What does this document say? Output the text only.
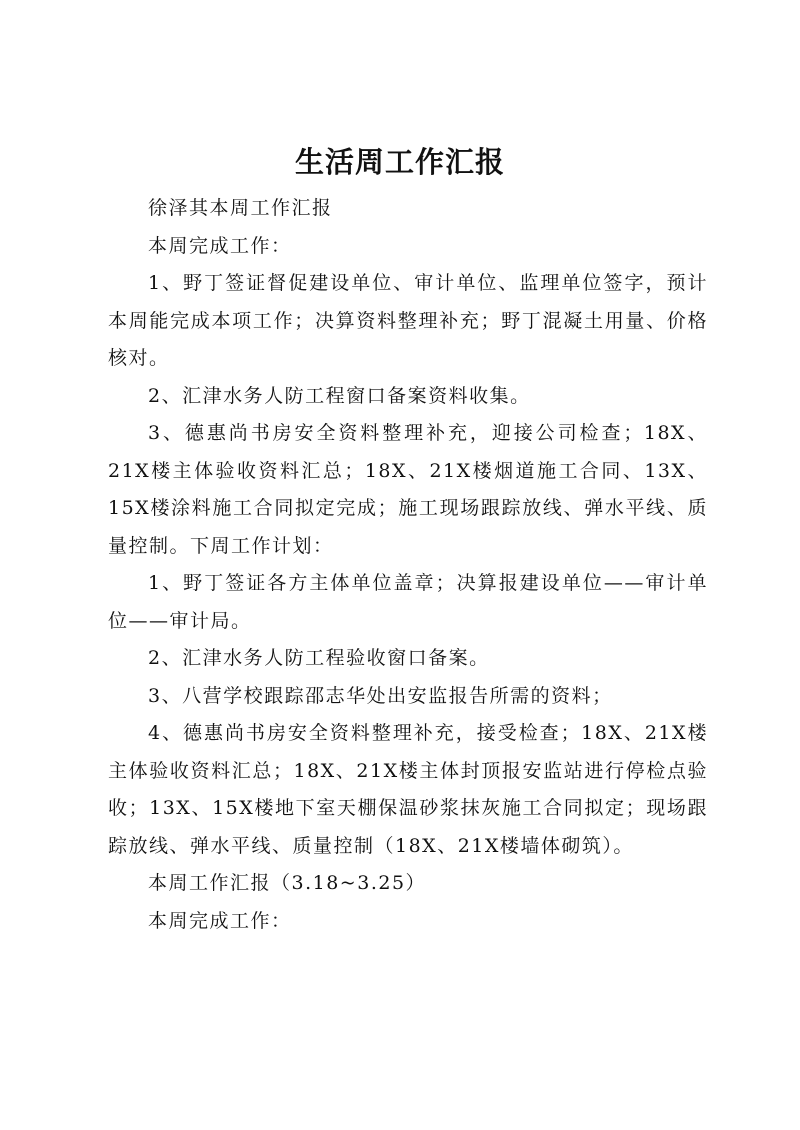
生活周工作汇报

徐泽其本周工作汇报

本周完成工作：

1、野丁签证督促建设单位、审计单位、监理单位签字，预计本周能完成本项工作；决算资料整理补充；野丁混凝土用量、价格核对。

2、汇津水务人防工程窗口备案资料收集。

3、德惠尚书房安全资料整理补充，迎接公司检查；18X、21X楼主体验收资料汇总；18X、21X楼烟道施工合同、13X、15X楼涂料施工合同拟定完成；施工现场跟踪放线、弹水平线、质量控制。下周工作计划：

1、野丁签证各方主体单位盖章；决算报建设单位——审计单位——审计局。

2、汇津水务人防工程验收窗口备案。

3、八营学校跟踪邵志华处出安监报告所需的资料；

4、德惠尚书房安全资料整理补充，接受检查；18X、21X楼主体验收资料汇总；18X、21X楼主体封顶报安监站进行停检点验收；13X、15X楼地下室天棚保温砂浆抹灰施工合同拟定；现场跟踪放线、弹水平线、质量控制（18X、21X楼墙体砌筑）。

本周工作汇报（3.18~3.25）

本周完成工作：
